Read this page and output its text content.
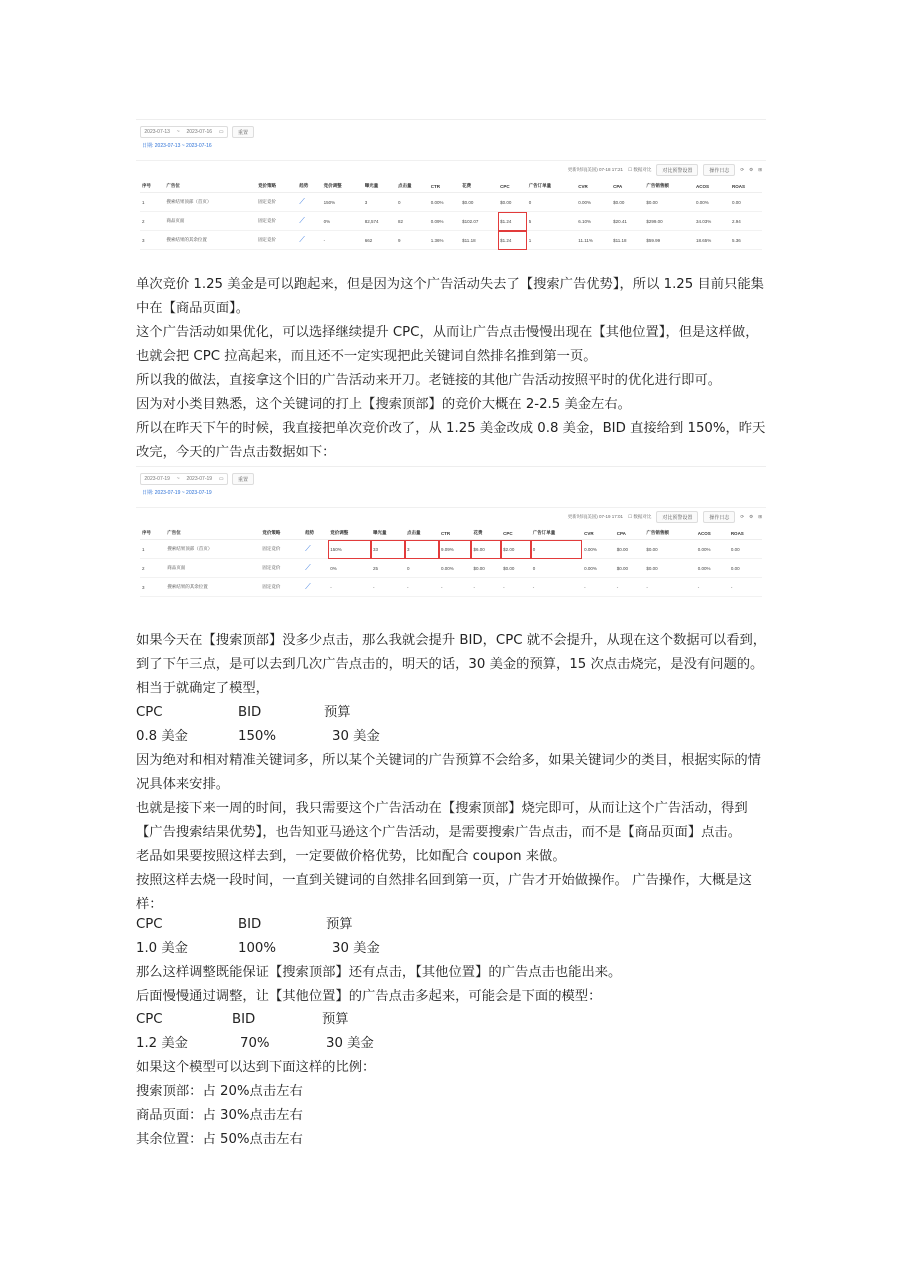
2023-07-13 ~ 2023-07-16 ▭	重置
日期: 2023-07-13 ~ 2023-07-16
更新时间(美国) 07-18 17:21 ☐ 数据对比	对比预警设置	操作日志	⟳ ⚙ ⊞
序号	广告位	竞价策略	趋势	竞价调整	曝光量	点击量	CTR	花费	CPC	广告订单量	CVR	CPA	广告销售额	ACOS	ROAS
1	搜索结果顶部（首页）	固定竞价	⟋	150%	3	0	0.00%	$0.00	$0.00	0	0.00%	$0.00	$0.00	0.00%	0.00
2	商品页面	固定竞价	⟋	0%	82,574	82	0.09%	$102.07	$1.24	5	6.10%	$20.41	$299.00	34.03%	2.94
3	搜索结果的其余位置	固定竞价	⟋	-	662	9	1.36%	$11.18	$1.24	1	11.11%	$11.18	$59.99	18.65%	5.36
单次竞价 1.25 美金是可以跑起来，但是因为这个广告活动失去了【搜索广告优势】，所以 1.25 目前只能集中在【商品页面】。
这个广告活动如果优化，可以选择继续提升 CPC，从而让广告点击慢慢出现在【其他位置】，但是这样做，也就会把 CPC 拉高起来，而且还不一定实现把此关键词自然排名推到第一页。
所以我的做法，直接拿这个旧的广告活动来开刀。老链接的其他广告活动按照平时的优化进行即可。
因为对小类目熟悉，这个关键词的打上【搜索顶部】的竞价大概在 2-2.5 美金左右。
所以在昨天下午的时候，我直接把单次竞价改了，从 1.25 美金改成 0.8 美金，BID 直接给到 150%，昨天改完，今天的广告点击数据如下：
2023-07-19 ~ 2023-07-19 ▭	重置
日期: 2023-07-19 ~ 2023-07-19
更新时间(美国) 07-19 17:01 ☐ 数据对比	对比预警设置	操作日志	⟳ ⚙ ⊞
序号	广告位	竞价策略	趋势	竞价调整	曝光量	点击量	CTR	花费	CPC	广告订单量	CVR	CPA	广告销售额	ACOS	ROAS
1	搜索结果顶部（首页）	固定竞价	⟋	150%	33	3	9.09%	$6.00	$2.00	0	0.00%	$0.00	$0.00	0.00%	0.00
2	商品页面	固定竞价	⟋	0%	25	0	0.00%	$0.00	$0.00	0	0.00%	$0.00	$0.00	0.00%	0.00
3	搜索结果的其余位置	固定竞价	⟋	-	-	-	-	-	-	-	-	-	-	-	-
如果今天在【搜索顶部】没多少点击，那么我就会提升 BID，CPC 就不会提升，从现在这个数据可以看到，到了下午三点，是可以去到几次广告点击的，明天的话，30 美金的预算，15 次点击烧完，是没有问题的。
相当于就确定了模型，
CPC	BID	预算
0.8 美金	150%	30 美金
因为绝对和相对精准关键词多，所以某个关键词的广告预算不会给多，如果关键词少的类目，根据实际的情况具体来安排。
也就是接下来一周的时间，我只需要这个广告活动在【搜索顶部】烧完即可，从而让这个广告活动，得到【广告搜索结果优势】，也告知亚马逊这个广告活动，是需要搜索广告点击，而不是【商品页面】点击。
老品如果要按照这样去到，一定要做价格优势，比如配合 coupon 来做。
按照这样去烧一段时间，一直到关键词的自然排名回到第一页，广告才开始做操作。 广告操作，大概是这样：
CPC	BID	预算
1.0 美金	100%	30 美金
那么这样调整既能保证【搜索顶部】还有点击，【其他位置】的广告点击也能出来。
后面慢慢通过调整，让【其他位置】的广告点击多起来，可能会是下面的模型：
CPC	BID	预算
1.2 美金	70%	30 美金
如果这个模型可以达到下面这样的比例：
搜索顶部：占 20%点击左右
商品页面：占 30%点击左右
其余位置：占 50%点击左右
